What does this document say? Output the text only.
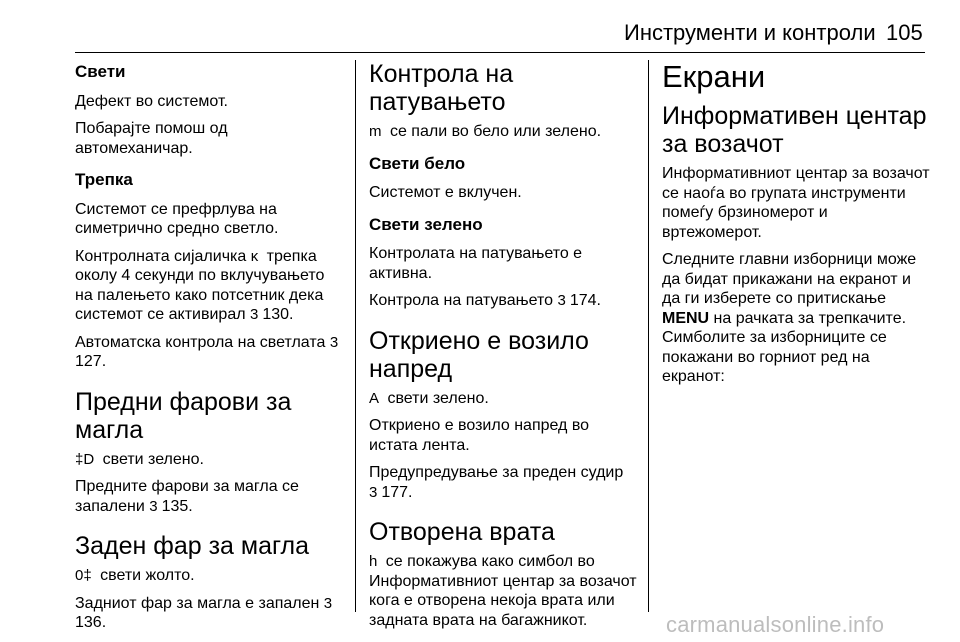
Инструменти и контроли 105
Свети

Дефект во системот.

Побарајте помош од автомеханичар.

Трепка

Системот се префрлува на симетрично средно светло.

Контролната сијаличка ĸ трепка околу 4 секунди по вклучувањето на палењето како потсетник дека системот се активирал 3 130.

Автоматска контрола на светлата 3127.

Предни фарови за магла

‡D свети зелено.

Предните фарови за магла се запалени 3 135.

Заден фар за магла

0‡ свети жолто.

Задниот фар за магла е запален 3136.

Контрола на патувањето

m се пали во бело или зелено.

Свети бело

Системот е вклучен.

Свети зелено

Контролата на патувањето е активна.

Контрола на патувањето 3 174.

Откриено е возило напред

A свети зелено.

Откриено е возило напред во истата лента.

Предупредување за преден судир 3 177.

Отворена врата

h се покажува како симбол во Информативниот центар за возачот кога е отворена некоја врата или задната врата на багажникот.

Екрани
Информативен центар за возачот

Информативниот центар за возачот се наоѓа во групата инструменти помеѓу брзиномерот и вртежомерот.

Следните главни изборници може да бидат прикажани на екранот и да ги изберете со притискање MENU на рачката за трепкачите. Симболите за изборниците се покажани во горниот ред на екранот:

carmanualsonline.info
